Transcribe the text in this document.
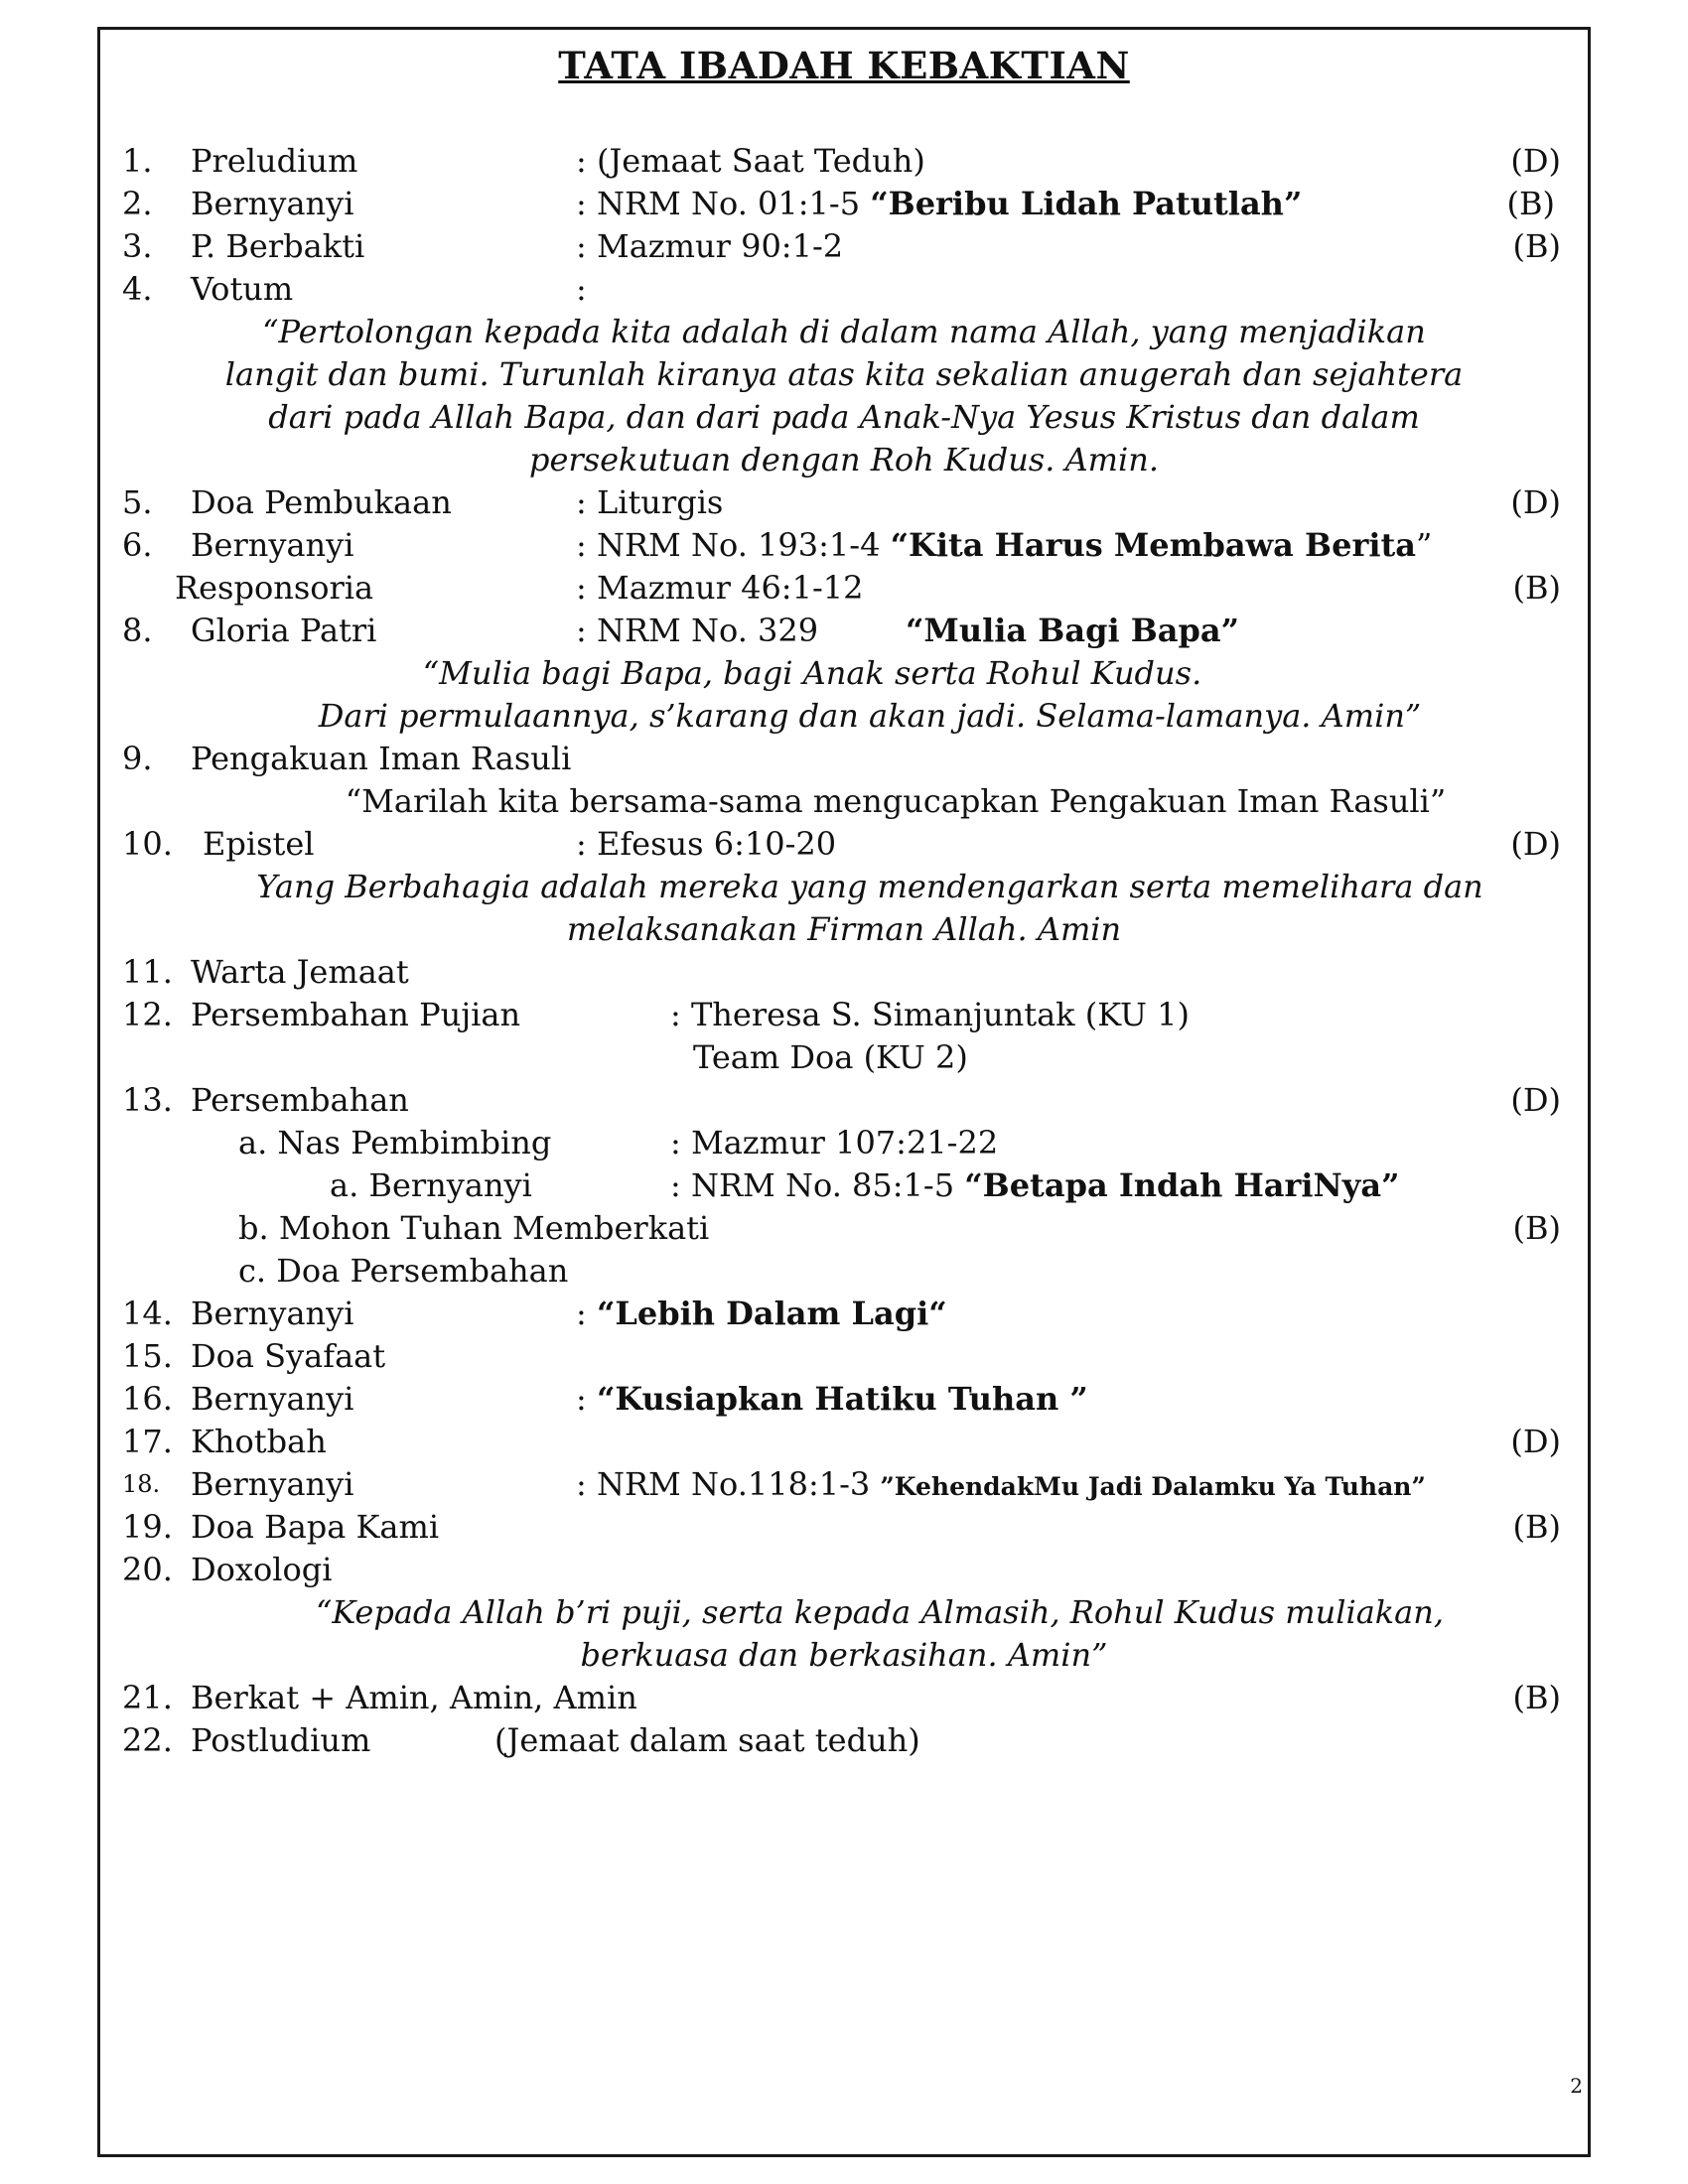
TATA IBADAH KEBAKTIAN
1. Preludium	: (Jemaat Saat Teduh)	(D)
2. Bernyanyi	: NRM No. 01:1-5 “Beribu Lidah Patutlah”	(B)
3. P. Berbakti	: Mazmur 90:1-2	(B)
4. Votum	:
“Pertolongan kepada kita adalah di dalam nama Allah, yang menjadikan
langit dan bumi. Turunlah kiranya atas kita sekalian anugerah dan sejahtera
dari pada Allah Bapa, dan dari pada Anak-Nya Yesus Kristus dan dalam
persekutuan dengan Roh Kudus. Amin.
5. Doa Pembukaan	: Liturgis	(D)
6. Bernyanyi	: NRM No. 193:1-4 “Kita Harus Membawa Berita”
Responsoria	: Mazmur 46:1-12	(B)
8. Gloria Patri	: NRM No. 329	“Mulia Bagi Bapa”
“Mulia bagi Bapa, bagi Anak serta Rohul Kudus.
Dari permulaannya, s’karang dan akan jadi. Selama-lamanya. Amin”
9. Pengakuan Iman Rasuli
“Marilah kita bersama-sama mengucapkan Pengakuan Iman Rasuli”
10. Epistel	: Efesus 6:10-20	(D)
Yang Berbahagia adalah mereka yang mendengarkan serta memelihara dan
melaksanakan Firman Allah. Amin
11. Warta Jemaat
12. Persembahan Pujian	: Theresa S. Simanjuntak (KU 1)
Team Doa (KU 2)
13. Persembahan	(D)
a. Nas Pembimbing	: Mazmur 107:21-22
a. Bernyanyi	: NRM No. 85:1-5 “Betapa Indah HariNya”
b. Mohon Tuhan Memberkati	(B)
c. Doa Persembahan
14. Bernyanyi	: “Lebih Dalam Lagi“
15. Doa Syafaat
16. Bernyanyi	: “Kusiapkan Hatiku Tuhan ”
17. Khotbah	(D)
18. Bernyanyi	: NRM No.118:1-3 ”KehendakMu Jadi Dalamku Ya Tuhan”
19. Doa Bapa Kami	(B)
20. Doxologi
“Kepada Allah b’ri puji, serta kepada Almasih, Rohul Kudus muliakan,
berkuasa dan berkasihan. Amin”
21. Berkat + Amin, Amin, Amin	(B)
22. Postludium	(Jemaat dalam saat teduh)
2
